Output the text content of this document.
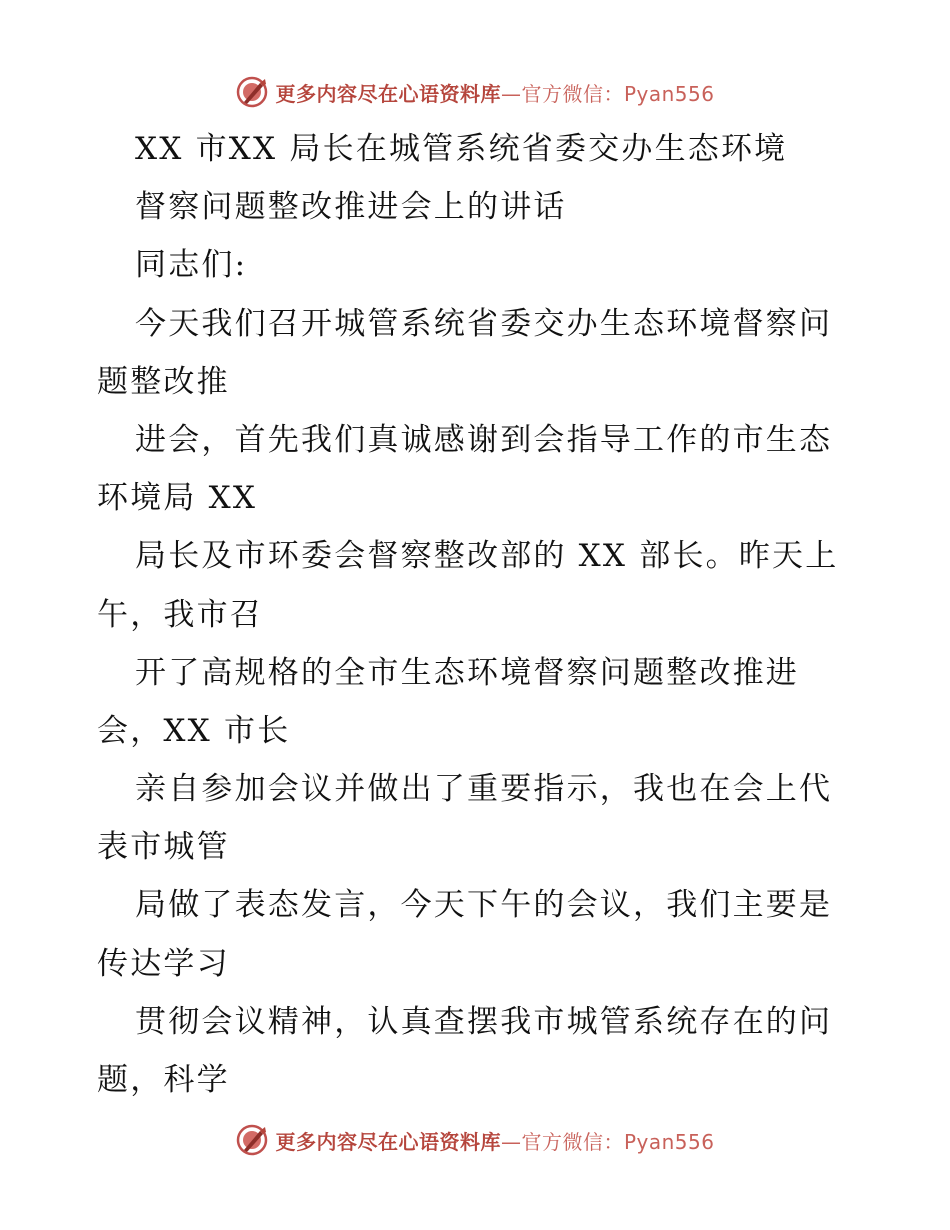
更多内容尽在心语资料库—官方微信：Pyan556
XX 市XX 局长在城管系统省委交办生态环境
督察问题整改推进会上的讲话
同志们:
今天我们召开城管系统省委交办生态环境督察问
题整改推
进会，首先我们真诚感谢到会指导工作的市生态
环境局 XX
局长及市环委会督察整改部的 XX 部长。昨天上
午，我市召
开了高规格的全市生态环境督察问题整改推进
会，XX 市长
亲自参加会议并做出了重要指示，我也在会上代
表市城管
局做了表态发言，今天下午的会议，我们主要是
传达学习
贯彻会议精神，认真查摆我市城管系统存在的问
题，科学
更多内容尽在心语资料库—官方微信：Pyan556
